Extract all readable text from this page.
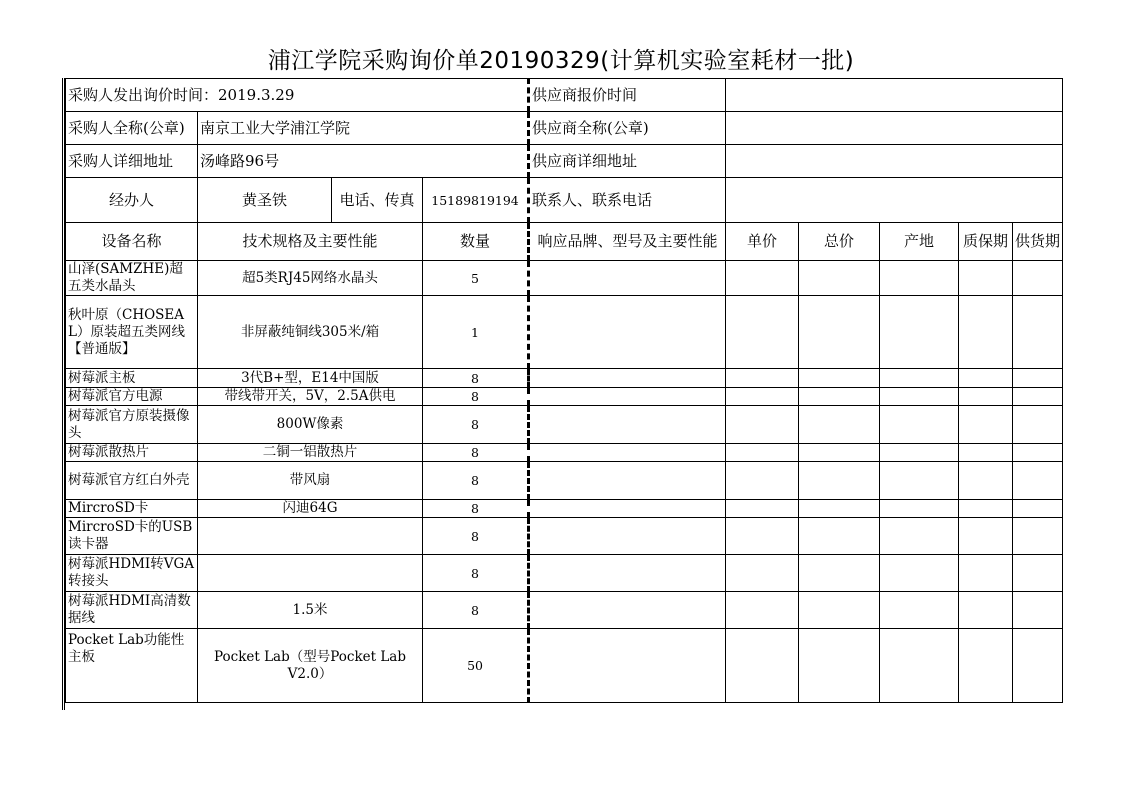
浦江学院采购询价单20190329(计算机实验室耗材一批)
采购人发出询价时间：2019.3.29				供应商报价时间					
采购人全称(公章)	南京工业大学浦江学院			供应商全称(公章)					
采购人详细地址	汤峰路96号			供应商详细地址					
经办人	黄圣铁	电话、传真	15189819194	联系人、联系电话					
设备名称	技术规格及主要性能		数量	响应品牌、型号及主要性能	单价	总价	产地	质保期	供货期
山泽(SAMZHE)超五类水晶头	超5类RJ45网络水晶头		5						
秋叶原（CHOSEAL）原装超五类网线【普通版】	非屏蔽纯铜线305米/箱		1						
树莓派主板	3代B+型，E14中国版		8						
树莓派官方电源	带线带开关，5V，2.5A供电		8						
树莓派官方原装摄像头	800W像素		8						
树莓派散热片	二铜一铝散热片		8						
树莓派官方红白外壳	带风扇		8						
MircroSD卡	闪迪64G		8						
MircroSD卡的USB读卡器			8						
树莓派HDMI转VGA转接头			8						
树莓派HDMI高清数据线	1.5米		8						
Pocket Lab功能性主板	Pocket Lab（型号Pocket Lab V2.0）		50						
